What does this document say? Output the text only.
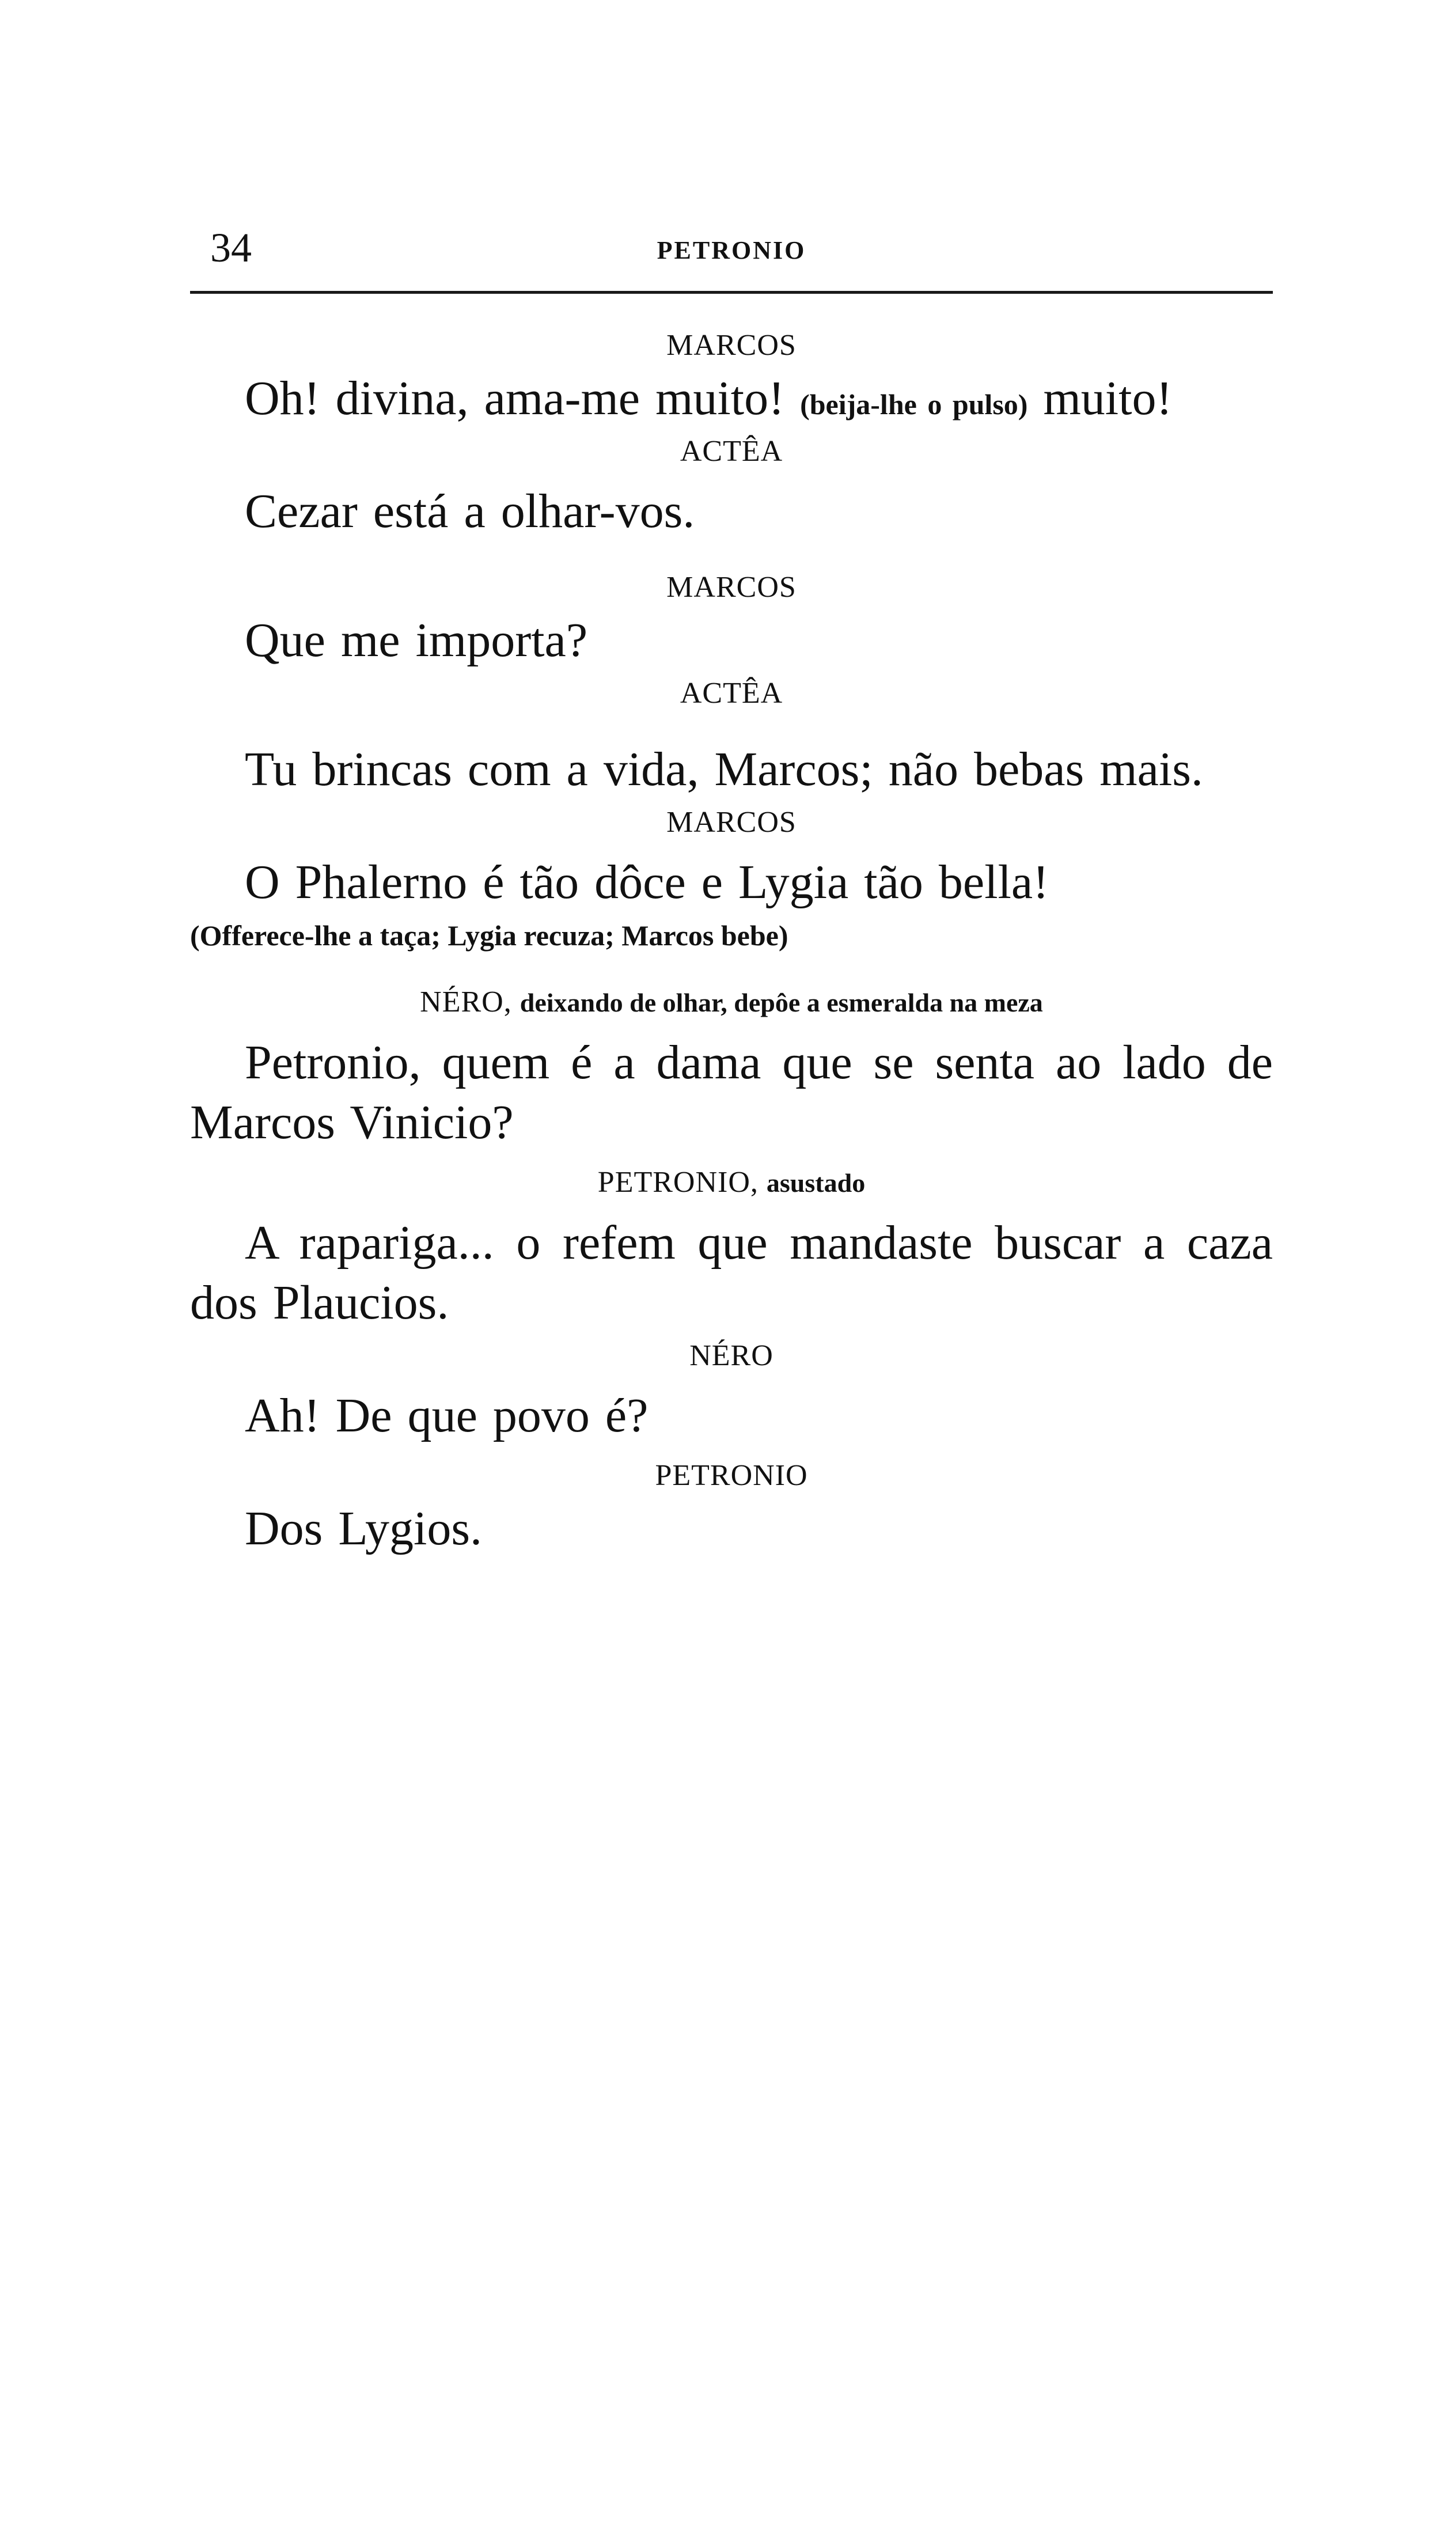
34	PETRONIO
MARCOS
Oh! divina, ama-me muito! (beija-lhe o pulso) muito!
ACTÊA
Cezar está a olhar-vos.
MARCOS
Que me importa?
ACTÊA
Tu brincas com a vida, Marcos; não bebas mais.
MARCOS
O Phalerno é tão dôce e Lygia tão bella!
(Offerece-lhe a taça; Lygia recuza; Marcos bebe)
NÉRO, deixando de olhar, depôe a esmeralda na meza
Petronio, quem é a dama que se senta ao lado de Marcos Vinicio?
PETRONIO, asustado
A rapariga... o refem que mandaste buscar a caza dos Plaucios.
NÉRO
Ah! De que povo é?
PETRONIO
Dos Lygios.
